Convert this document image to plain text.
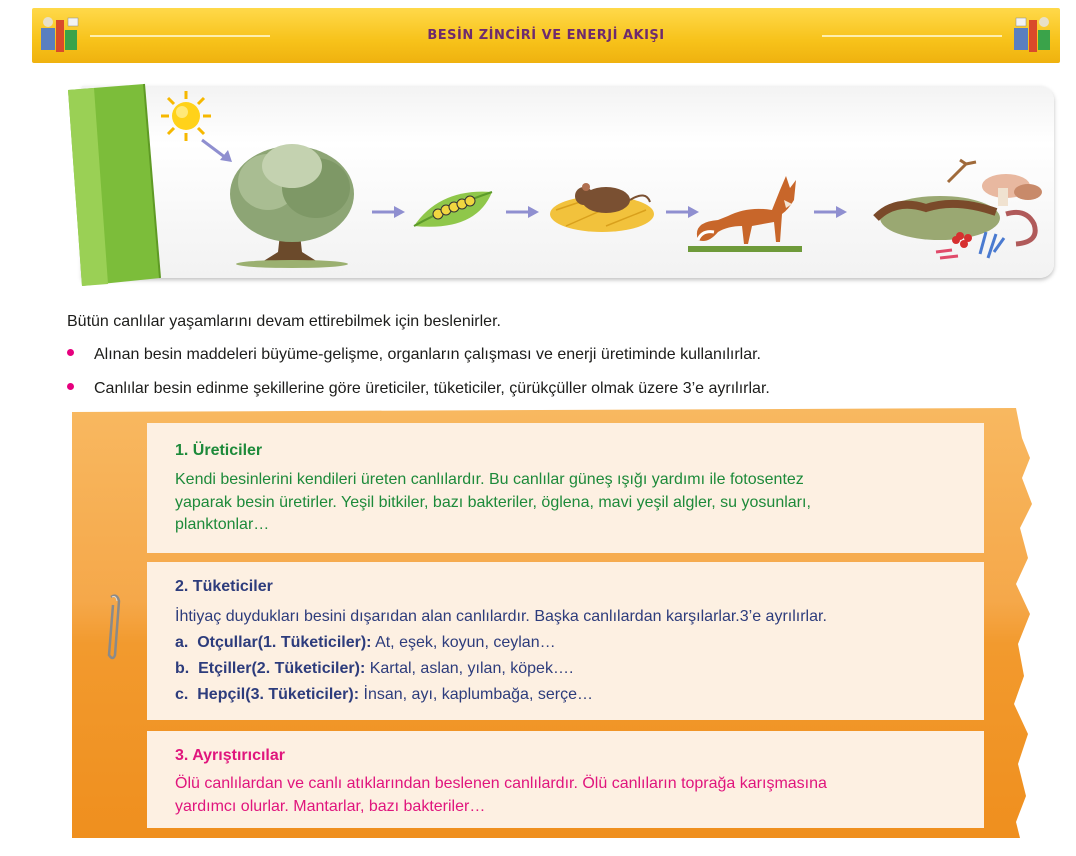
BESİN ZİNCİRİ VE ENERJİ AKIŞI
Bütün canlılar yaşamlarını devam ettirebilmek için beslenirler.
Alınan besin maddeleri büyüme-gelişme, organların çalışması ve enerji üretiminde kullanılırlar.
Canlılar besin edinme şekillerine göre üreticiler, tüketiciler, çürükçüller olmak üzere 3’e ayrılırlar.
1. Üreticiler
Kendi besinlerini kendileri üreten canlılardır. Bu canlılar güneş ışığı yardımı ile fotosentez
yaparak besin üretirler. Yeşil bitkiler, bazı bakteriler, öglena, mavi yeşil algler, su yosunları,
planktonlar…
2. Tüketiciler
İhtiyaç duydukları besini dışarıdan alan canlılardır. Başka canlılardan karşılarlar.3’e ayrılırlar.
a. Otçullar(1. Tüketiciler): At, eşek, koyun, ceylan…
b. Etçiller(2. Tüketiciler): Kartal, aslan, yılan, köpek….
c. Hepçil(3. Tüketiciler): İnsan, ayı, kaplumbağa, serçe…
3. Ayrıştırıcılar
Ölü canlılardan ve canlı atıklarından beslenen canlılardır. Ölü canlıların toprağa karışmasına
yardımcı olurlar. Mantarlar, bazı bakteriler…
